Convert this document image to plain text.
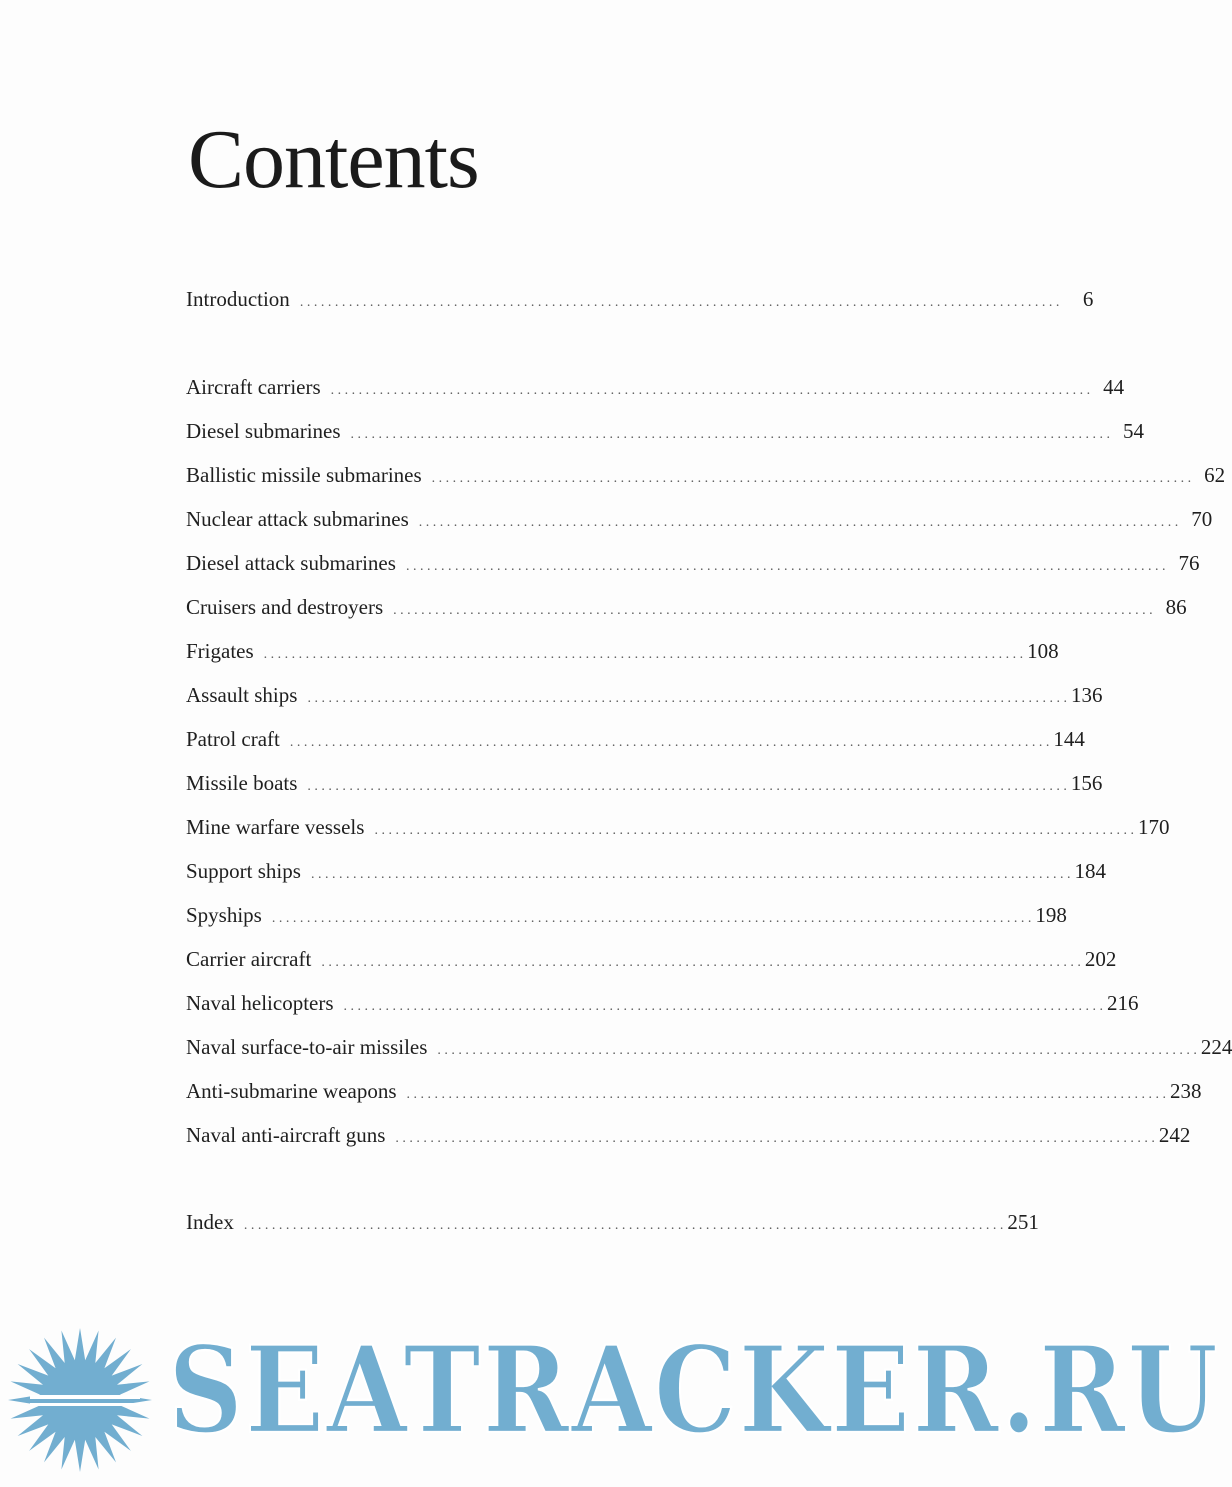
Contents
Introduction . . .	6
Aircraft carriers . . .	44
Diesel submarines . . .	54
Ballistic missile submarines . . .	62
Nuclear attack submarines . . .	70
Diesel attack submarines . . .	76
Cruisers and destroyers . . .	86
Frigates . . .	108
Assault ships . . .	136
Patrol craft . . .	144
Missile boats . . .	156
Mine warfare vessels . . .	170
Support ships . . .	184
Spyships . . .	198
Carrier aircraft . . .	202
Naval helicopters . . .	216
Naval surface-to-air missiles . . .	224
Anti-submarine weapons . . .	238
Naval anti-aircraft guns . . .	242
Index . . .	251
SEATRACKER.RU
